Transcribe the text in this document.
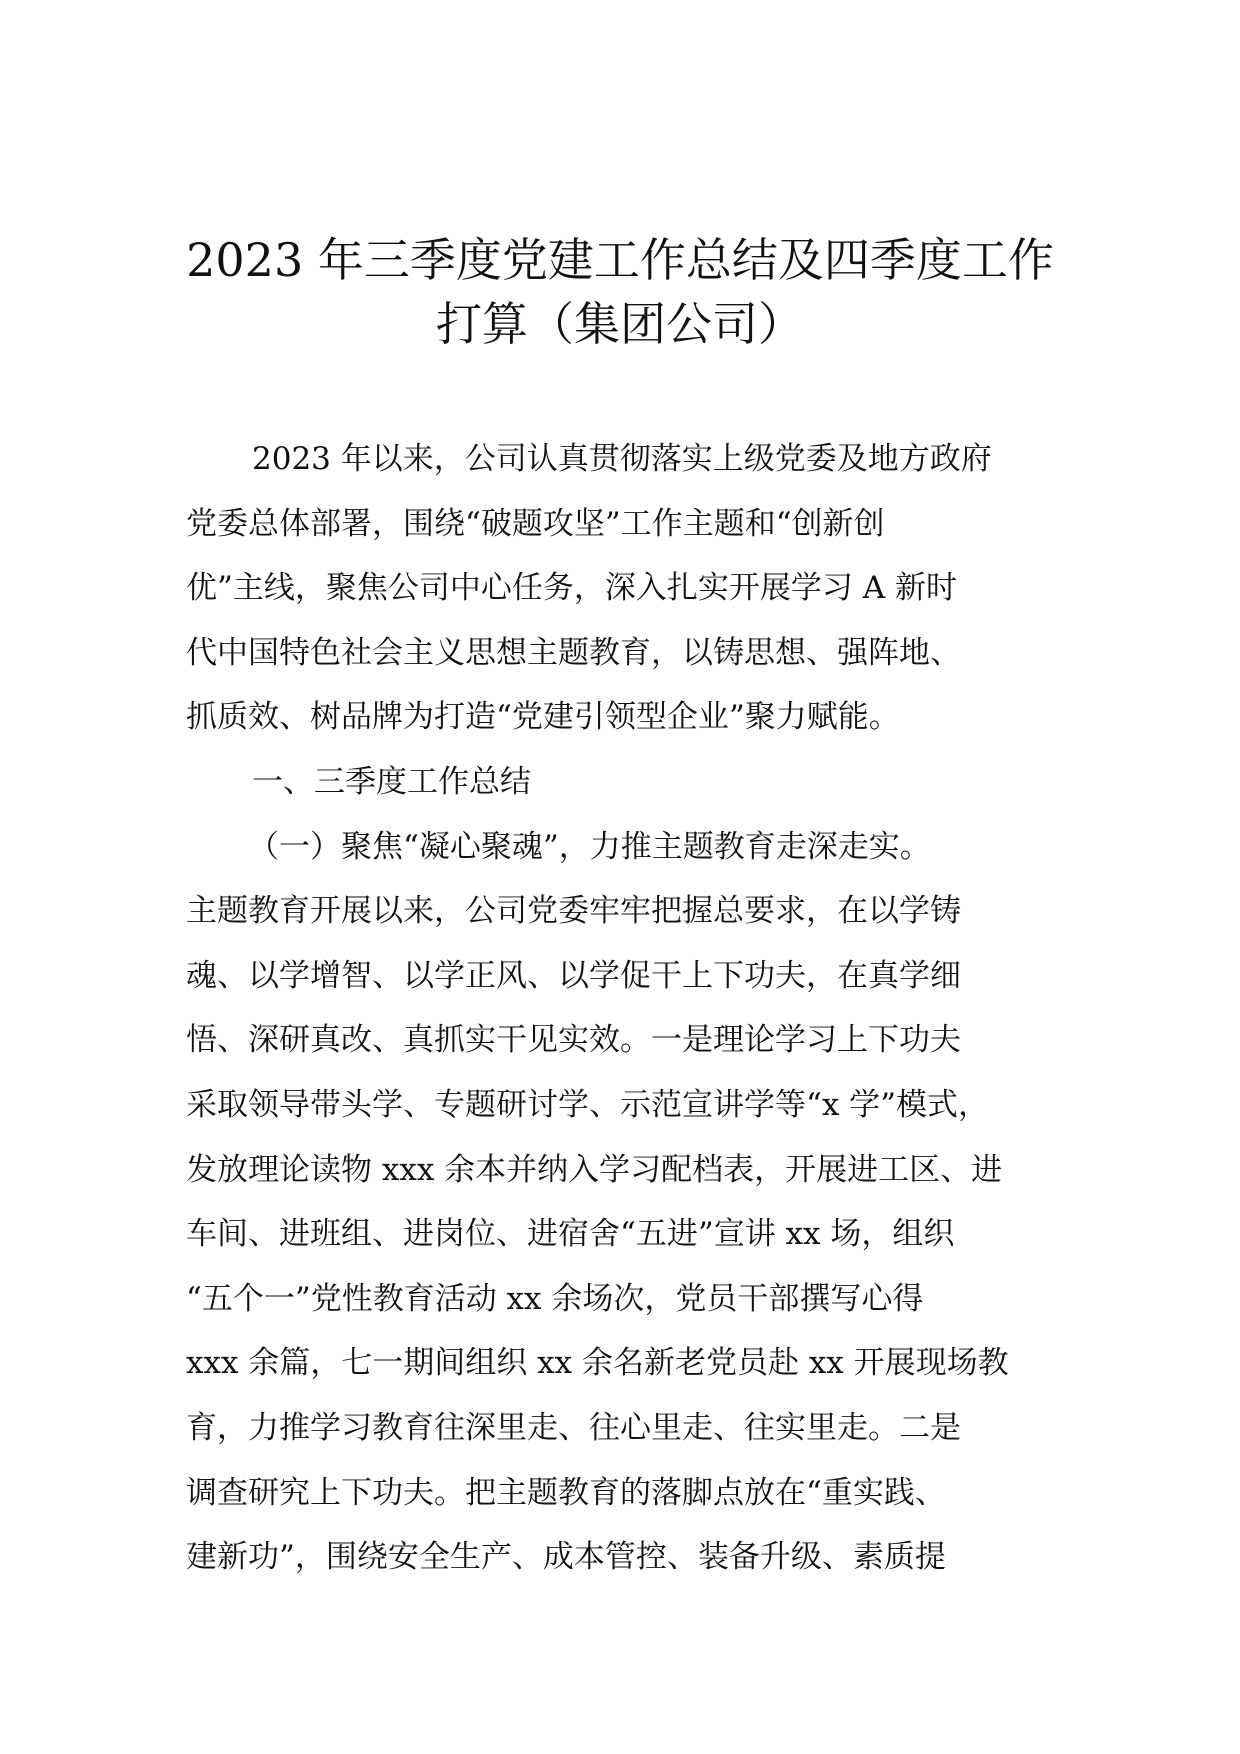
2023 年三季度党建工作总结及四季度工作
打算（集团公司）
2023 年以来，公司认真贯彻落实上级党委及地方政府
党委总体部署，围绕“破题攻坚”工作主题和“创新创
优”主线，聚焦公司中心任务，深入扎实开展学习 A 新时
代中国特色社会主义思想主题教育，以铸思想、强阵地、
抓质效、树品牌为打造“党建引领型企业”聚力赋能。
一、三季度工作总结
（一）聚焦“凝心聚魂”，力推主题教育走深走实。
主题教育开展以来，公司党委牢牢把握总要求，在以学铸
魂、以学增智、以学正风、以学促干上下功夫，在真学细
悟、深研真改、真抓实干见实效。一是理论学习上下功夫
采取领导带头学、专题研讨学、示范宣讲学等“x 学”模式，
发放理论读物 xxx 余本并纳入学习配档表，开展进工区、进
车间、进班组、进岗位、进宿舍“五进”宣讲 xx 场，组织
“五个一”党性教育活动 xx 余场次，党员干部撰写心得
xxx 余篇，七一期间组织 xx 余名新老党员赴 xx 开展现场教
育，力推学习教育往深里走、往心里走、往实里走。二是
调查研究上下功夫。把主题教育的落脚点放在“重实践、
建新功”，围绕安全生产、成本管控、装备升级、素质提
